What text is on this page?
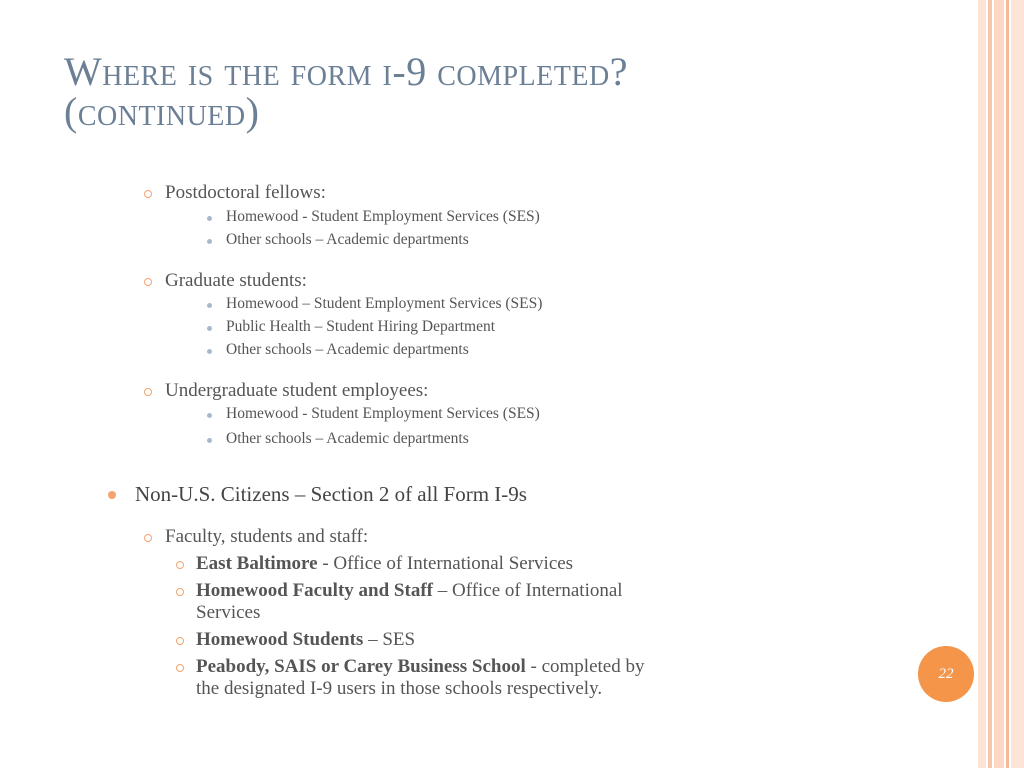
Where is the form i-9 completed?
(continued)
Postdoctoral fellows:
Homewood - Student Employment Services (SES)
Other schools – Academic departments
Graduate students:
Homewood – Student Employment Services (SES)
Public Health – Student Hiring Department
Other schools – Academic departments
Undergraduate student employees:
Homewood - Student Employment Services (SES)
Other schools – Academic departments
Non-U.S. Citizens – Section 2 of all Form I-9s
Faculty, students and staff:
East Baltimore - Office of International Services
Homewood Faculty and Staff – Office of International
Services
Homewood Students – SES
Peabody, SAIS or Carey Business School - completed by
the designated I-9 users in those schools respectively.
22
